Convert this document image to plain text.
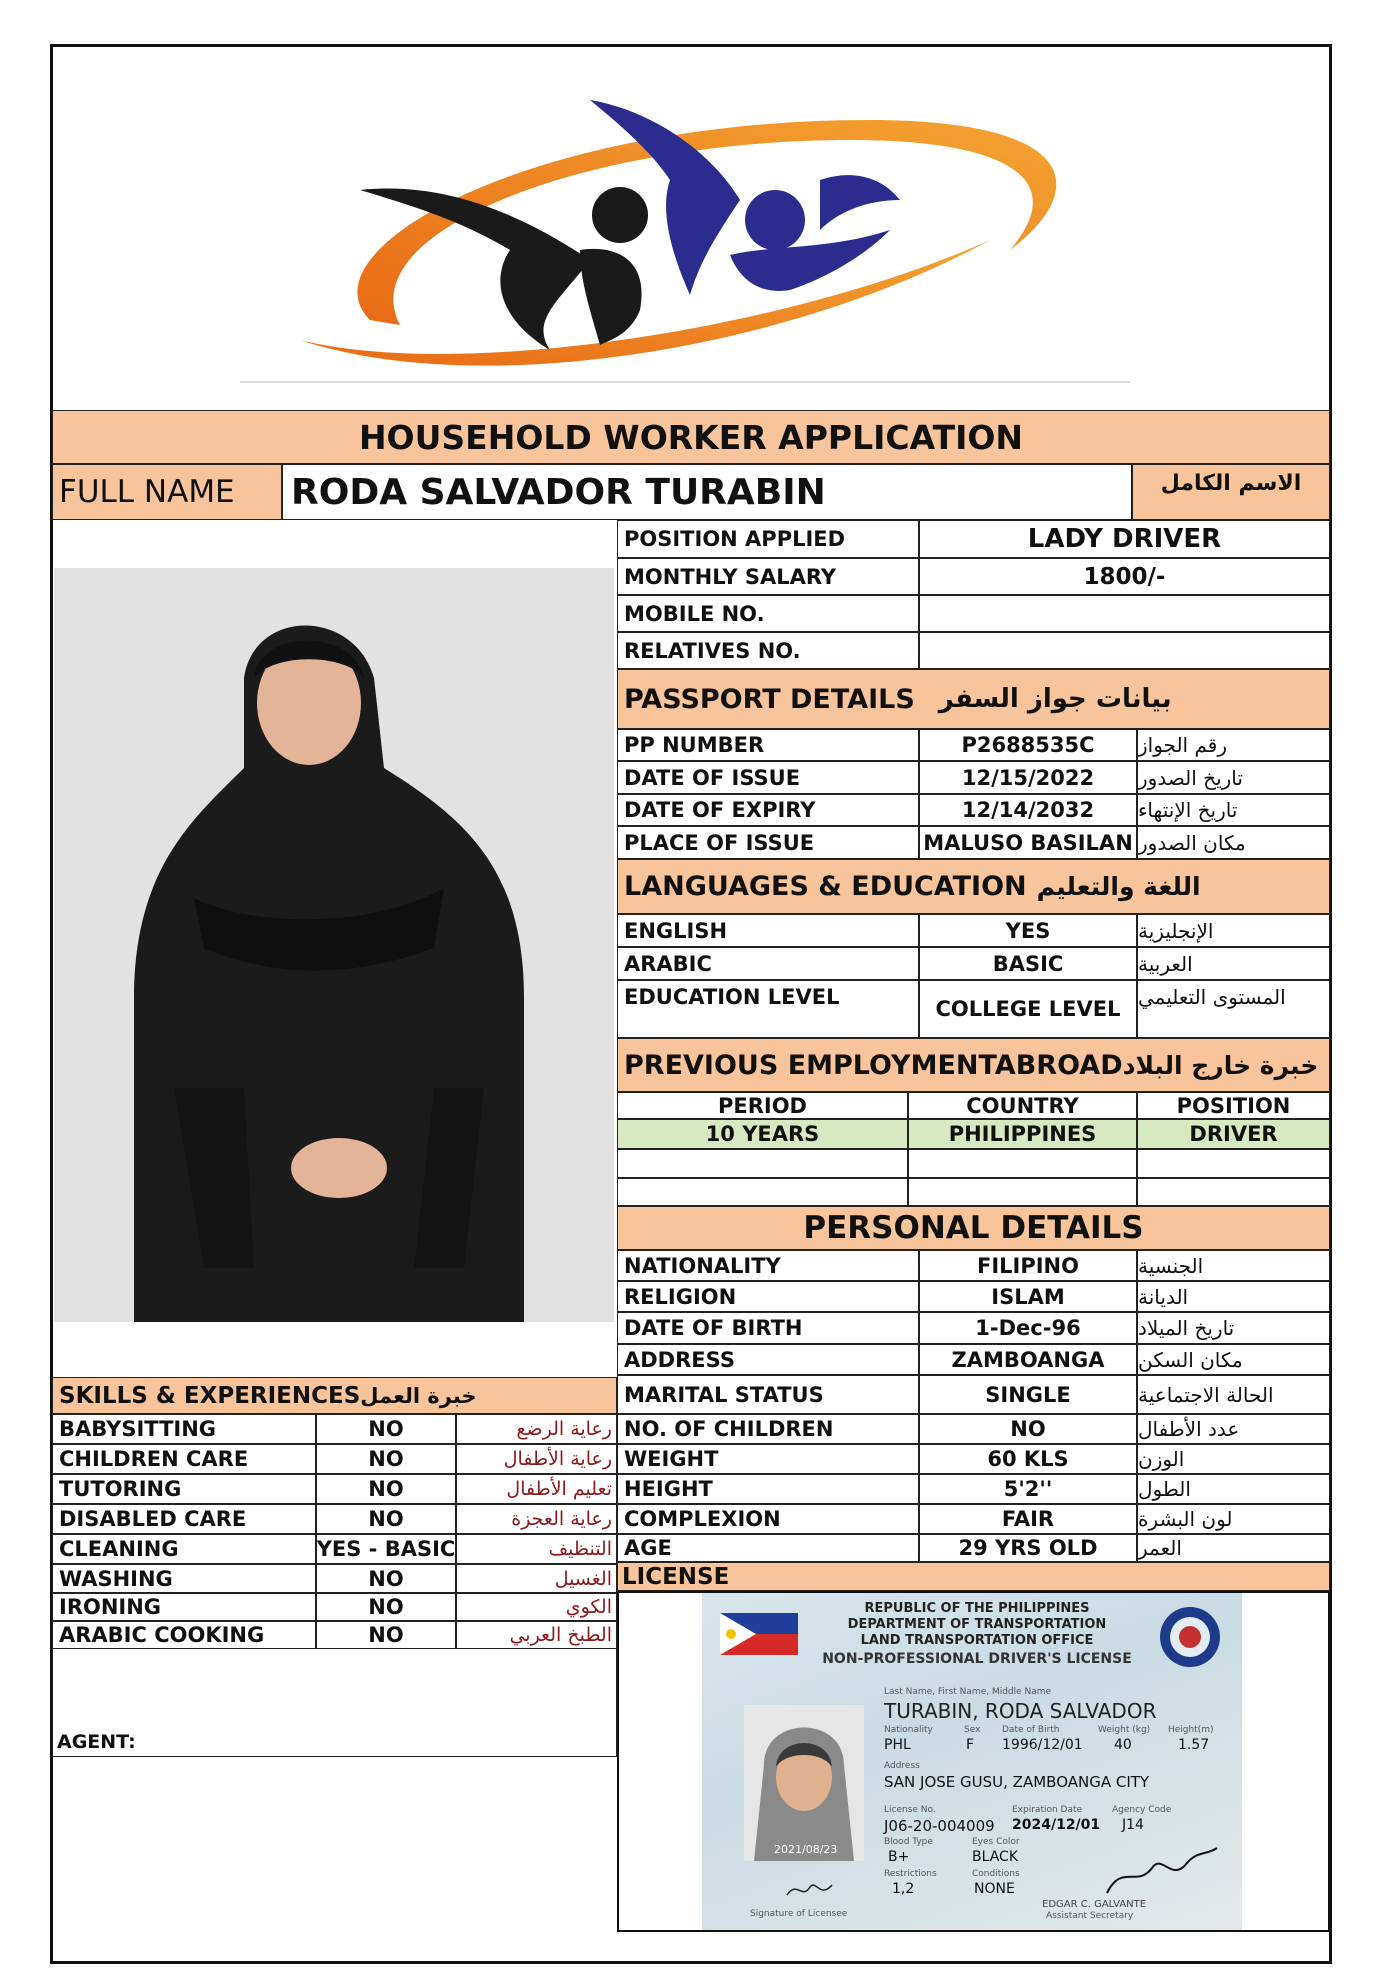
HOUSEHOLD WORKER APPLICATION
FULL NAME	RODA SALVADOR TURABIN	الاسم الكامل
POSITION APPLIED	LADY DRIVER
MONTHLY SALARY	1800/-
MOBILE NO.
RELATIVES NO.
PASSPORT DETAILS بيانات جواز السفر
PP NUMBER	P2688535C	رقم الجواز
DATE OF ISSUE	12/15/2022	تاريخ الصدور
DATE OF EXPIRY	12/14/2032	تاريخ الإنتهاء
PLACE OF ISSUE	MALUSO BASILAN مكان الصدور
LANGUAGES & EDUCATION اللغة والتعليم
ENGLISH	YES	الإنجليزية
ARABIC	BASIC	العربية
EDUCATION LEVEL	COLLEGE LEVEL المستوى التعليمي
PREVIOUS EMPLOYMENTABROAD خبرة خارج البلاد
PERIOD	COUNTRY	POSITION
10 YEARS	PHILIPPINES	DRIVER
PERSONAL DETAILS
NATIONALITY	FILIPINO	الجنسية
RELIGION	ISLAM	الديانة
DATE OF BIRTH	1-Dec-96	تاريخ الميلاد
ADDRESS	ZAMBOANGA	مكان السكن
MARITAL STATUS	SINGLE	الحالة الاجتماعية
NO. OF CHILDREN	NO	عدد الأطفال
WEIGHT	60 KLS	الوزن
HEIGHT	5'2''	الطول
COMPLEXION	FAIR	لون البشرة
AGE	29 YRS OLD	العمر
SKILLS & EXPERIENCES خبرة العمل
BABYSITTING	NO	رعاية الرضع
CHILDREN CARE	NO	رعاية الأطفال
TUTORING	NO	تعليم الأطفال
DISABLED CARE	NO	رعاية العجزة
CLEANING	YES - BASIC	التنظيف
WASHING	NO	الغسيل
IRONING	NO	الكوي
ARABIC COOKING	NO	الطبخ العربي
AGENT:
LICENSE
REPUBLIC OF THE PHILIPPINES
DEPARTMENT OF TRANSPORTATION
LAND TRANSPORTATION OFFICE
NON-PROFESSIONAL DRIVER'S LICENSE
2021/08/23
Last Name, First Name, Middle Name
TURABIN, RODA SALVADOR
Nationality
PHL
Sex
F
Date of Birth
1996/12/01
Weight (kg)
40
Height(m)
1.57
Address
SAN JOSE GUSU, ZAMBOANGA CITY
License No.
J06-20-004009
Expiration Date
2024/12/01
Agency Code
J14
Blood Type
B+
Eyes Color
BLACK
Restrictions
1,2
Conditions
NONE
Signature of Licensee
EDGAR C. GALVANTE
Assistant Secretary
